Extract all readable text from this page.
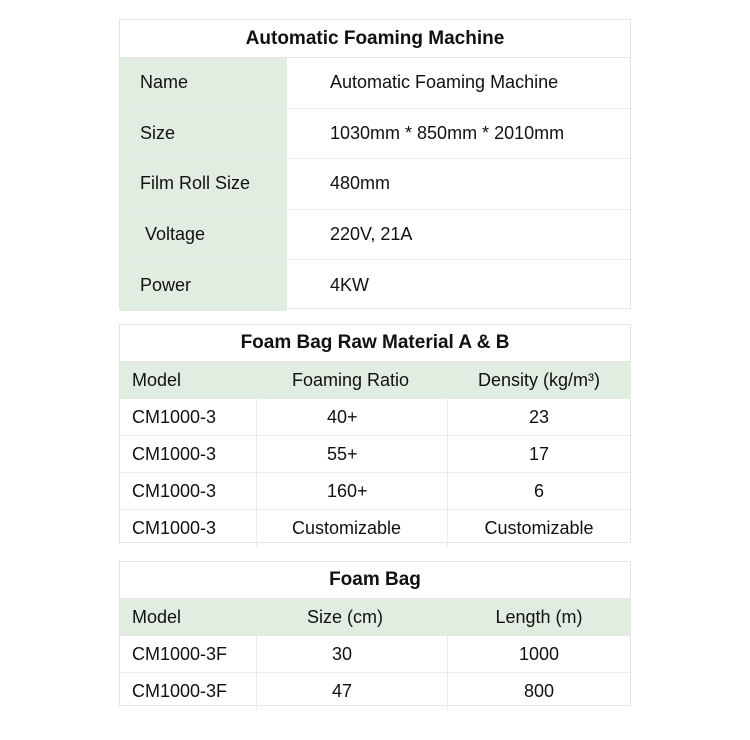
Automatic Foaming Machine
Name	Automatic Foaming Machine
Size	1030mm * 850mm * 2010mm
Film Roll Size	480mm
Voltage	220V, 21A
Power	4KW
Foam Bag Raw Material A & B
Model	Foaming Ratio	Density (kg/m³)
CM1000-3	40+	23
CM1000-3	55+	17
CM1000-3	160+	6
CM1000-3	Customizable	Customizable
Foam Bag
Model	Size (cm)	Length (m)
CM1000-3F	30	1000
CM1000-3F	47	800
